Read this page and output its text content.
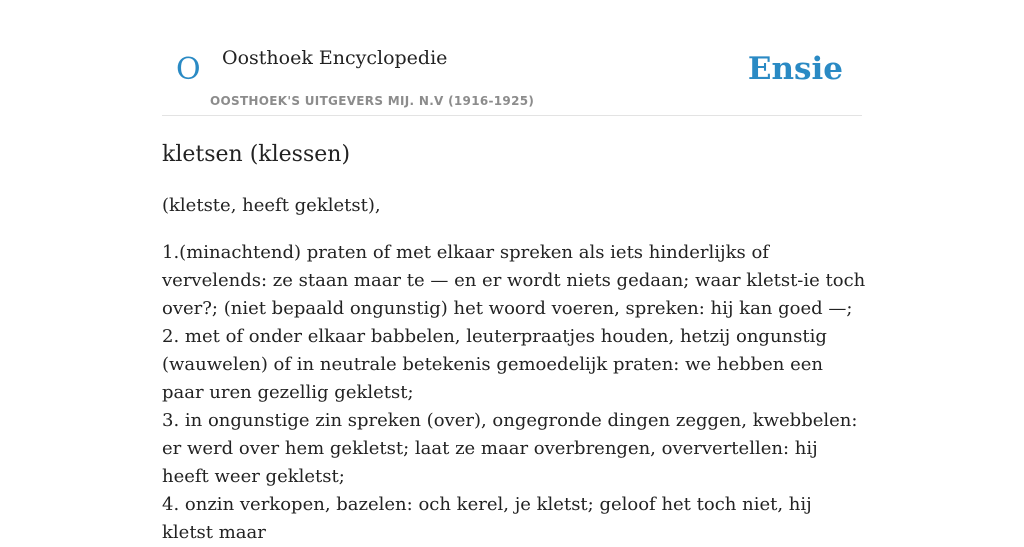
O Oosthoek Encyclopedie
OOSTHOEK'S UITGEVERS MIJ. N.V (1916-1925)
Ensie
kletsen (klessen)

(kletste, heeft gekletst),

1.(minachtend) praten of met elkaar spreken als iets hinderlijks of vervelends: ze staan maar te — en er wordt niets gedaan; waar kletst-ie toch over?; (niet bepaald ongunstig) het woord voeren, spreken: hij kan goed —;

2. met of onder elkaar babbelen, leuterpraatjes houden, hetzij ongunstig (wauwelen) of in neutrale betekenis gemoedelijk praten: we hebben een paar uren gezellig gekletst;

3. in ongunstige zin spreken (over), ongegronde dingen zeggen, kwebbelen: er werd over hem gekletst; laat ze maar overbrengen, oververtellen: hij heeft weer gekletst;

4. onzin verkopen, bazelen: och kerel, je kletst; geloof het toch niet, hij kletst maar
